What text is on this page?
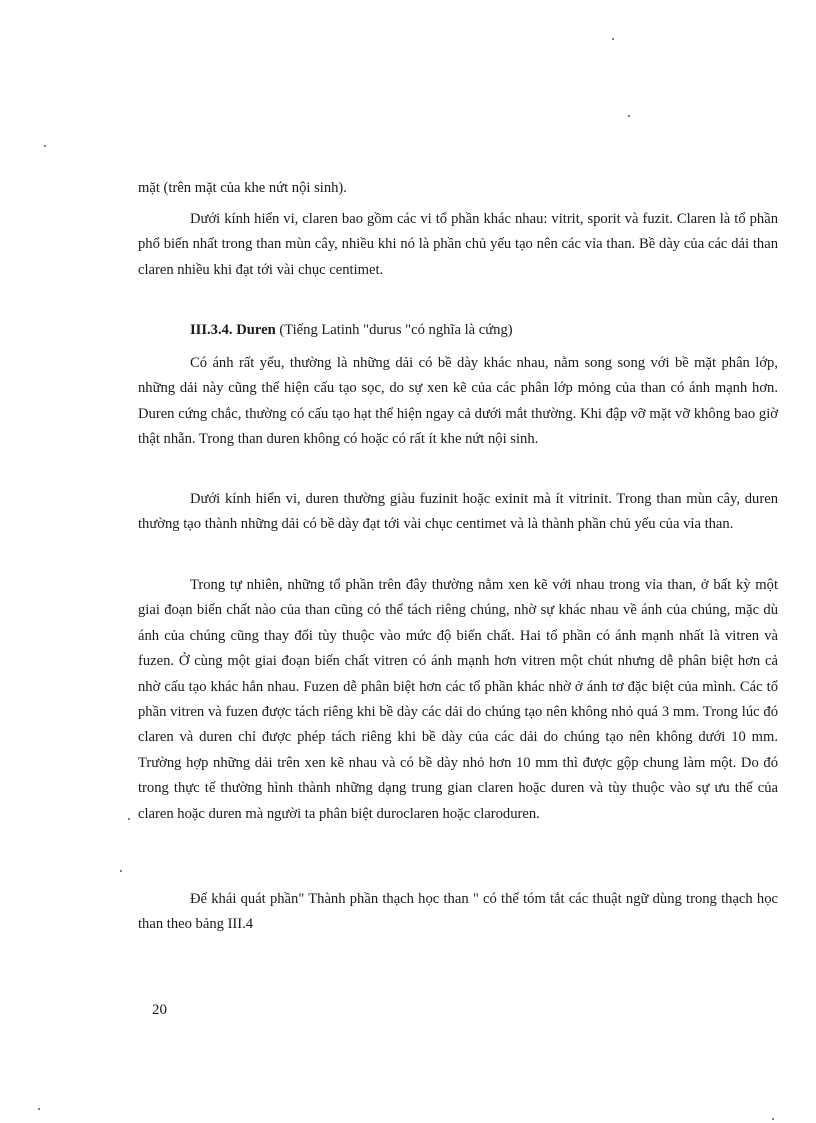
mặt (trên mặt của khe nứt nội sinh).

Dưới kính hiển vi, claren bao gồm các vi tổ phần khác nhau: vitrit, sporit và fuzit. Claren là tổ phần phổ biến nhất trong than mùn cây, nhiều khi nó là phần chủ yếu tạo nên các vỉa than. Bề dày của các dải than claren nhiều khi đạt tới vài chục centimet.

III.3.4. Duren (Tiếng Latinh "durus "có nghĩa là cứng)

Có ánh rất yếu, thường là những dải có bề dày khác nhau, nằm song song với bề mặt phân lớp, những dải này cũng thể hiện cấu tạo sọc, do sự xen kẽ của các phân lớp mỏng của than có ánh mạnh hơn. Duren cứng chắc, thường có cấu tạo hạt thể hiện ngay cả dưới mắt thường. Khi đập vỡ mặt vỡ không bao giờ thật nhẵn. Trong than duren không có hoặc có rất ít khe nứt nội sinh.

Dưới kính hiển vi, duren thường giàu fuzinit hoặc exinit mà ít vitrinit. Trong than mùn cây, duren thường tạo thành những dải có bề dày đạt tới vài chục centimet và là thành phần chủ yếu của vỉa than.

Trong tự nhiên, những tổ phần trên đây thường nằm xen kẽ với nhau trong vỉa than, ở bất kỳ một giai đoạn biến chất nào của than cũng có thể tách riêng chúng, nhờ sự khác nhau về ánh của chúng, mặc dù ánh của chúng cũng thay đổi tùy thuộc vào mức độ biến chất. Hai tổ phần có ánh mạnh nhất là vitren và fuzen. Ở cùng một giai đoạn biến chất vitren có ánh mạnh hơn vitren một chút nhưng dễ phân biệt hơn cả nhờ cấu tạo khác hẳn nhau. Fuzen dễ phân biệt hơn các tổ phần khác nhờ ở ánh tơ đặc biệt của mình. Các tổ phần vitren và fuzen được tách riêng khi bề dày các dải do chúng tạo nên không nhỏ quá 3 mm. Trong lúc đó claren và duren chỉ được phép tách riêng khi bề dày của các dải do chúng tạo nên không dưới 10 mm. Trường hợp những dải trên xen kẽ nhau và có bề dày nhỏ hơn 10 mm thì được gộp chung làm một. Do đó trong thực tế thường hình thành những dạng trung gian claren hoặc duren và tùy thuộc vào sự ưu thế của claren hoặc duren mà người ta phân biệt duroclaren hoặc claroduren.

Để khái quát phần" Thành phần thạch học than " có thể tóm tắt các thuật ngữ dùng trong thạch học than theo bảng III.4

20
